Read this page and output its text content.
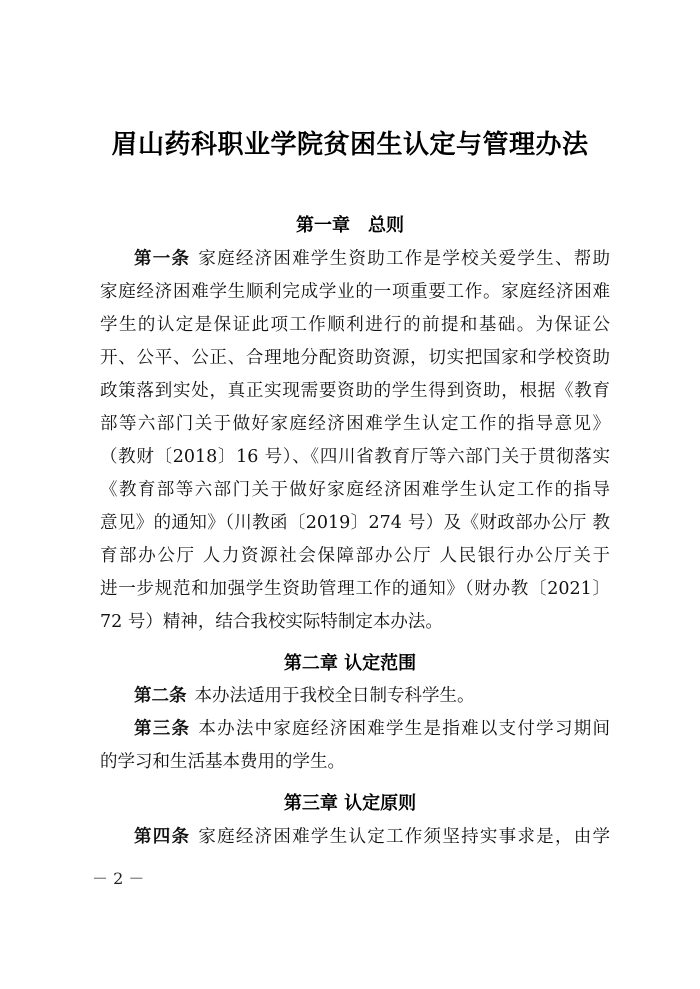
眉山药科职业学院贫困生认定与管理办法
第一章　总则
第一条 家庭经济困难学生资助工作是学校关爱学生、帮助
家庭经济困难学生顺利完成学业的一项重要工作。家庭经济困难
学生的认定是保证此项工作顺利进行的前提和基础。为保证公
开、公平、公正、合理地分配资助资源，切实把国家和学校资助
政策落到实处，真正实现需要资助的学生得到资助，根据《教育
部等六部门关于做好家庭经济困难学生认定工作的指导意见》
（教财〔2018〕16 号）、《四川省教育厅等六部门关于贯彻落实
《教育部等六部门关于做好家庭经济困难学生认定工作的指导
意见》的通知》（川教函〔2019〕274 号）及《财政部办公厅 教
育部办公厅 人力资源社会保障部办公厅 人民银行办公厅关于
进一步规范和加强学生资助管理工作的通知》（财办教〔2021〕
72 号）精神，结合我校实际特制定本办法。
第二章 认定范围
第二条 本办法适用于我校全日制专科学生。
第三条 本办法中家庭经济困难学生是指难以支付学习期间
的学习和生活基本费用的学生。
第三章 认定原则
第四条 家庭经济困难学生认定工作须坚持实事求是，由学
－ 2 －
